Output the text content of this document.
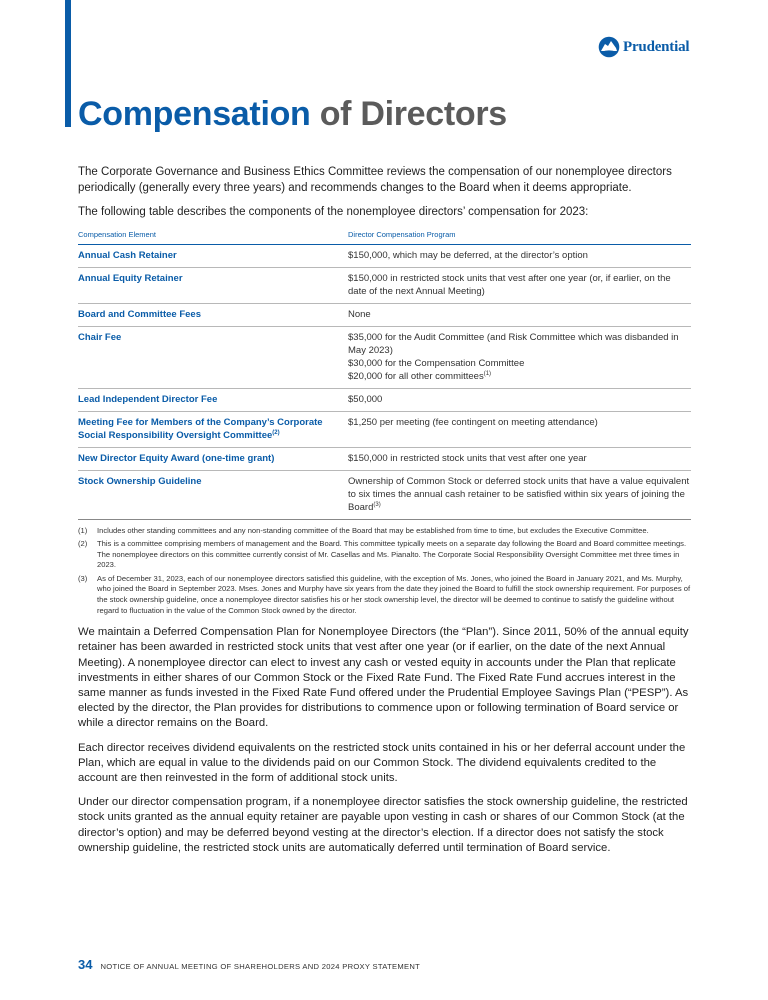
Prudential
Compensation of Directors

The Corporate Governance and Business Ethics Committee reviews the compensation of our nonemployee directors periodically (generally every three years) and recommends changes to the Board when it deems appropriate.

The following table describes the components of the nonemployee directors’ compensation for 2023:

Compensation Element	Director Compensation Program
Annual Cash Retainer	$150,000, which may be deferred, at the director’s option
Annual Equity Retainer	$150,000 in restricted stock units that vest after one year (or, if earlier, on the date of the next Annual Meeting)
Board and Committee Fees	None
Chair Fee	$35,000 for the Audit Committee (and Risk Committee which was disbanded in May 2023)
$30,000 for the Compensation Committee
$20,000 for all other committees$^{(1)}$

Lead Independent Director Fee	$50,000
Meeting Fee for Members of the Company’s Corporate Social Responsibility Oversight Committee$^{(2)}$	$1,250 per meeting (fee contingent on meeting attendance)
New Director Equity Award (one-time grant)	$150,000 in restricted stock units that vest after one year
Stock Ownership Guideline	Ownership of Common Stock or deferred stock units that have a value equivalent to six times the annual cash retainer to be satisfied within six years of joining the Board$^{(3)}$
(1)	Includes other standing committees and any non-standing committee of the Board that may be established from time to time, but excludes the Executive Committee.
(2)	This is a committee comprising members of management and the Board. This committee typically meets on a separate day following the Board and Board committee meetings. The nonemployee directors on this committee currently consist of Mr. Casellas and Ms. Pianalto. The Corporate Social Responsibility Oversight Committee met three times in 2023.
(3)	As of December 31, 2023, each of our nonemployee directors satisfied this guideline, with the exception of Ms. Jones, who joined the Board in January 2021, and Ms. Murphy, who joined the Board in September 2023. Mses. Jones and Murphy have six years from the date they joined the Board to fulfill the stock ownership requirement. For purposes of the stock ownership guideline, once a nonemployee director satisfies his or her stock ownership level, the director will be deemed to continue to satisfy the guideline without regard to fluctuation in the value of the Common Stock owned by the director.

We maintain a Deferred Compensation Plan for Nonemployee Directors (the “Plan”). Since 2011, 50% of the annual equity retainer has been awarded in restricted stock units that vest after one year (or if earlier, on the date of the next Annual Meeting). A nonemployee director can elect to invest any cash or vested equity in accounts under the Plan that replicate investments in either shares of our Common Stock or the Fixed Rate Fund. The Fixed Rate Fund accrues interest in the same manner as funds invested in the Fixed Rate Fund offered under the Prudential Employee Savings Plan (“PESP”). As elected by the director, the Plan provides for distributions to commence upon or following termination of Board service or while a director remains on the Board.

Each director receives dividend equivalents on the restricted stock units contained in his or her deferral account under the Plan, which are equal in value to the dividends paid on our Common Stock. The dividend equivalents credited to the account are then reinvested in the form of additional stock units.

Under our director compensation program, if a nonemployee director satisfies the stock ownership guideline, the restricted stock units granted as the annual equity retainer are payable upon vesting in cash or shares of our Common Stock (at the director’s option) and may be deferred beyond vesting at the director’s election. If a director does not satisfy the stock ownership guideline, the restricted stock units are automatically deferred until termination of Board service.

34 NOTICE OF ANNUAL MEETING OF SHAREHOLDERS AND 2024 PROXY STATEMENT
